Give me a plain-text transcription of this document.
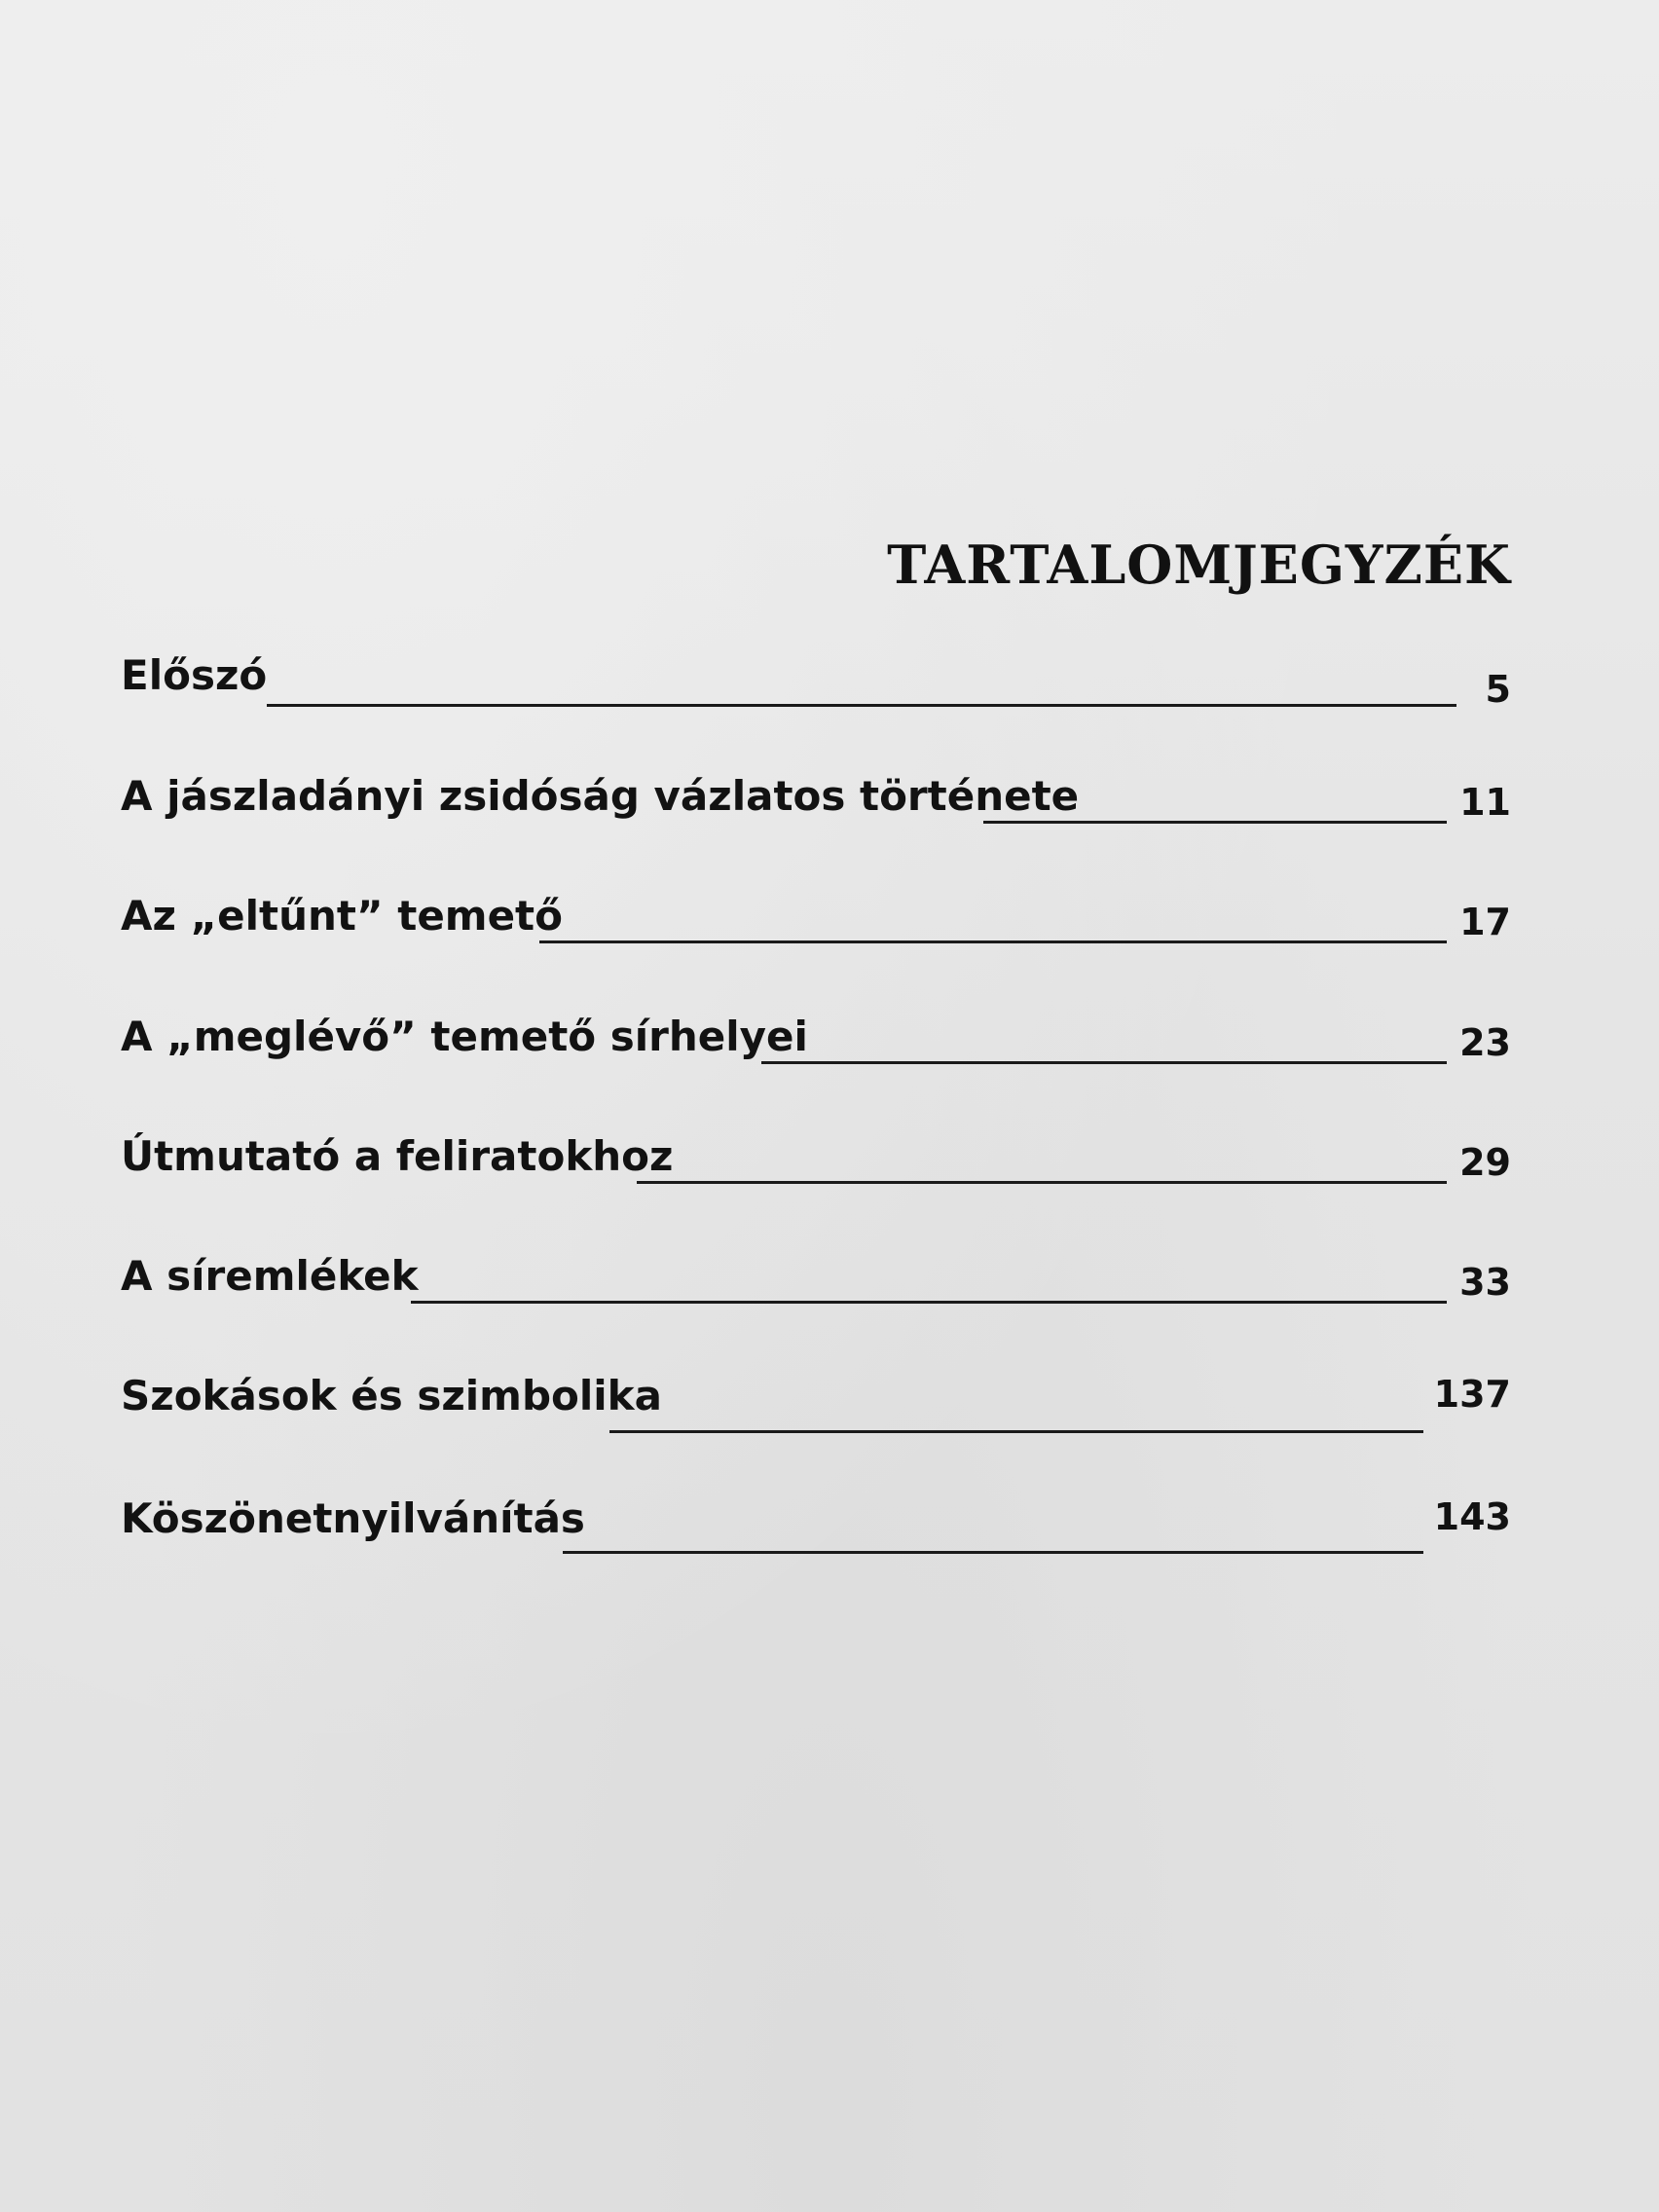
TARTALOMJEGYZÉK
Előszó	5
A jászladányi zsidóság vázlatos története	11
Az „eltűnt” temető	17
A „meglévő” temető sírhelyei	23
Útmutató a feliratokhoz	29
A síremlékek	33
Szokások és szimbolika	137
Köszönetnyilvánítás	143
